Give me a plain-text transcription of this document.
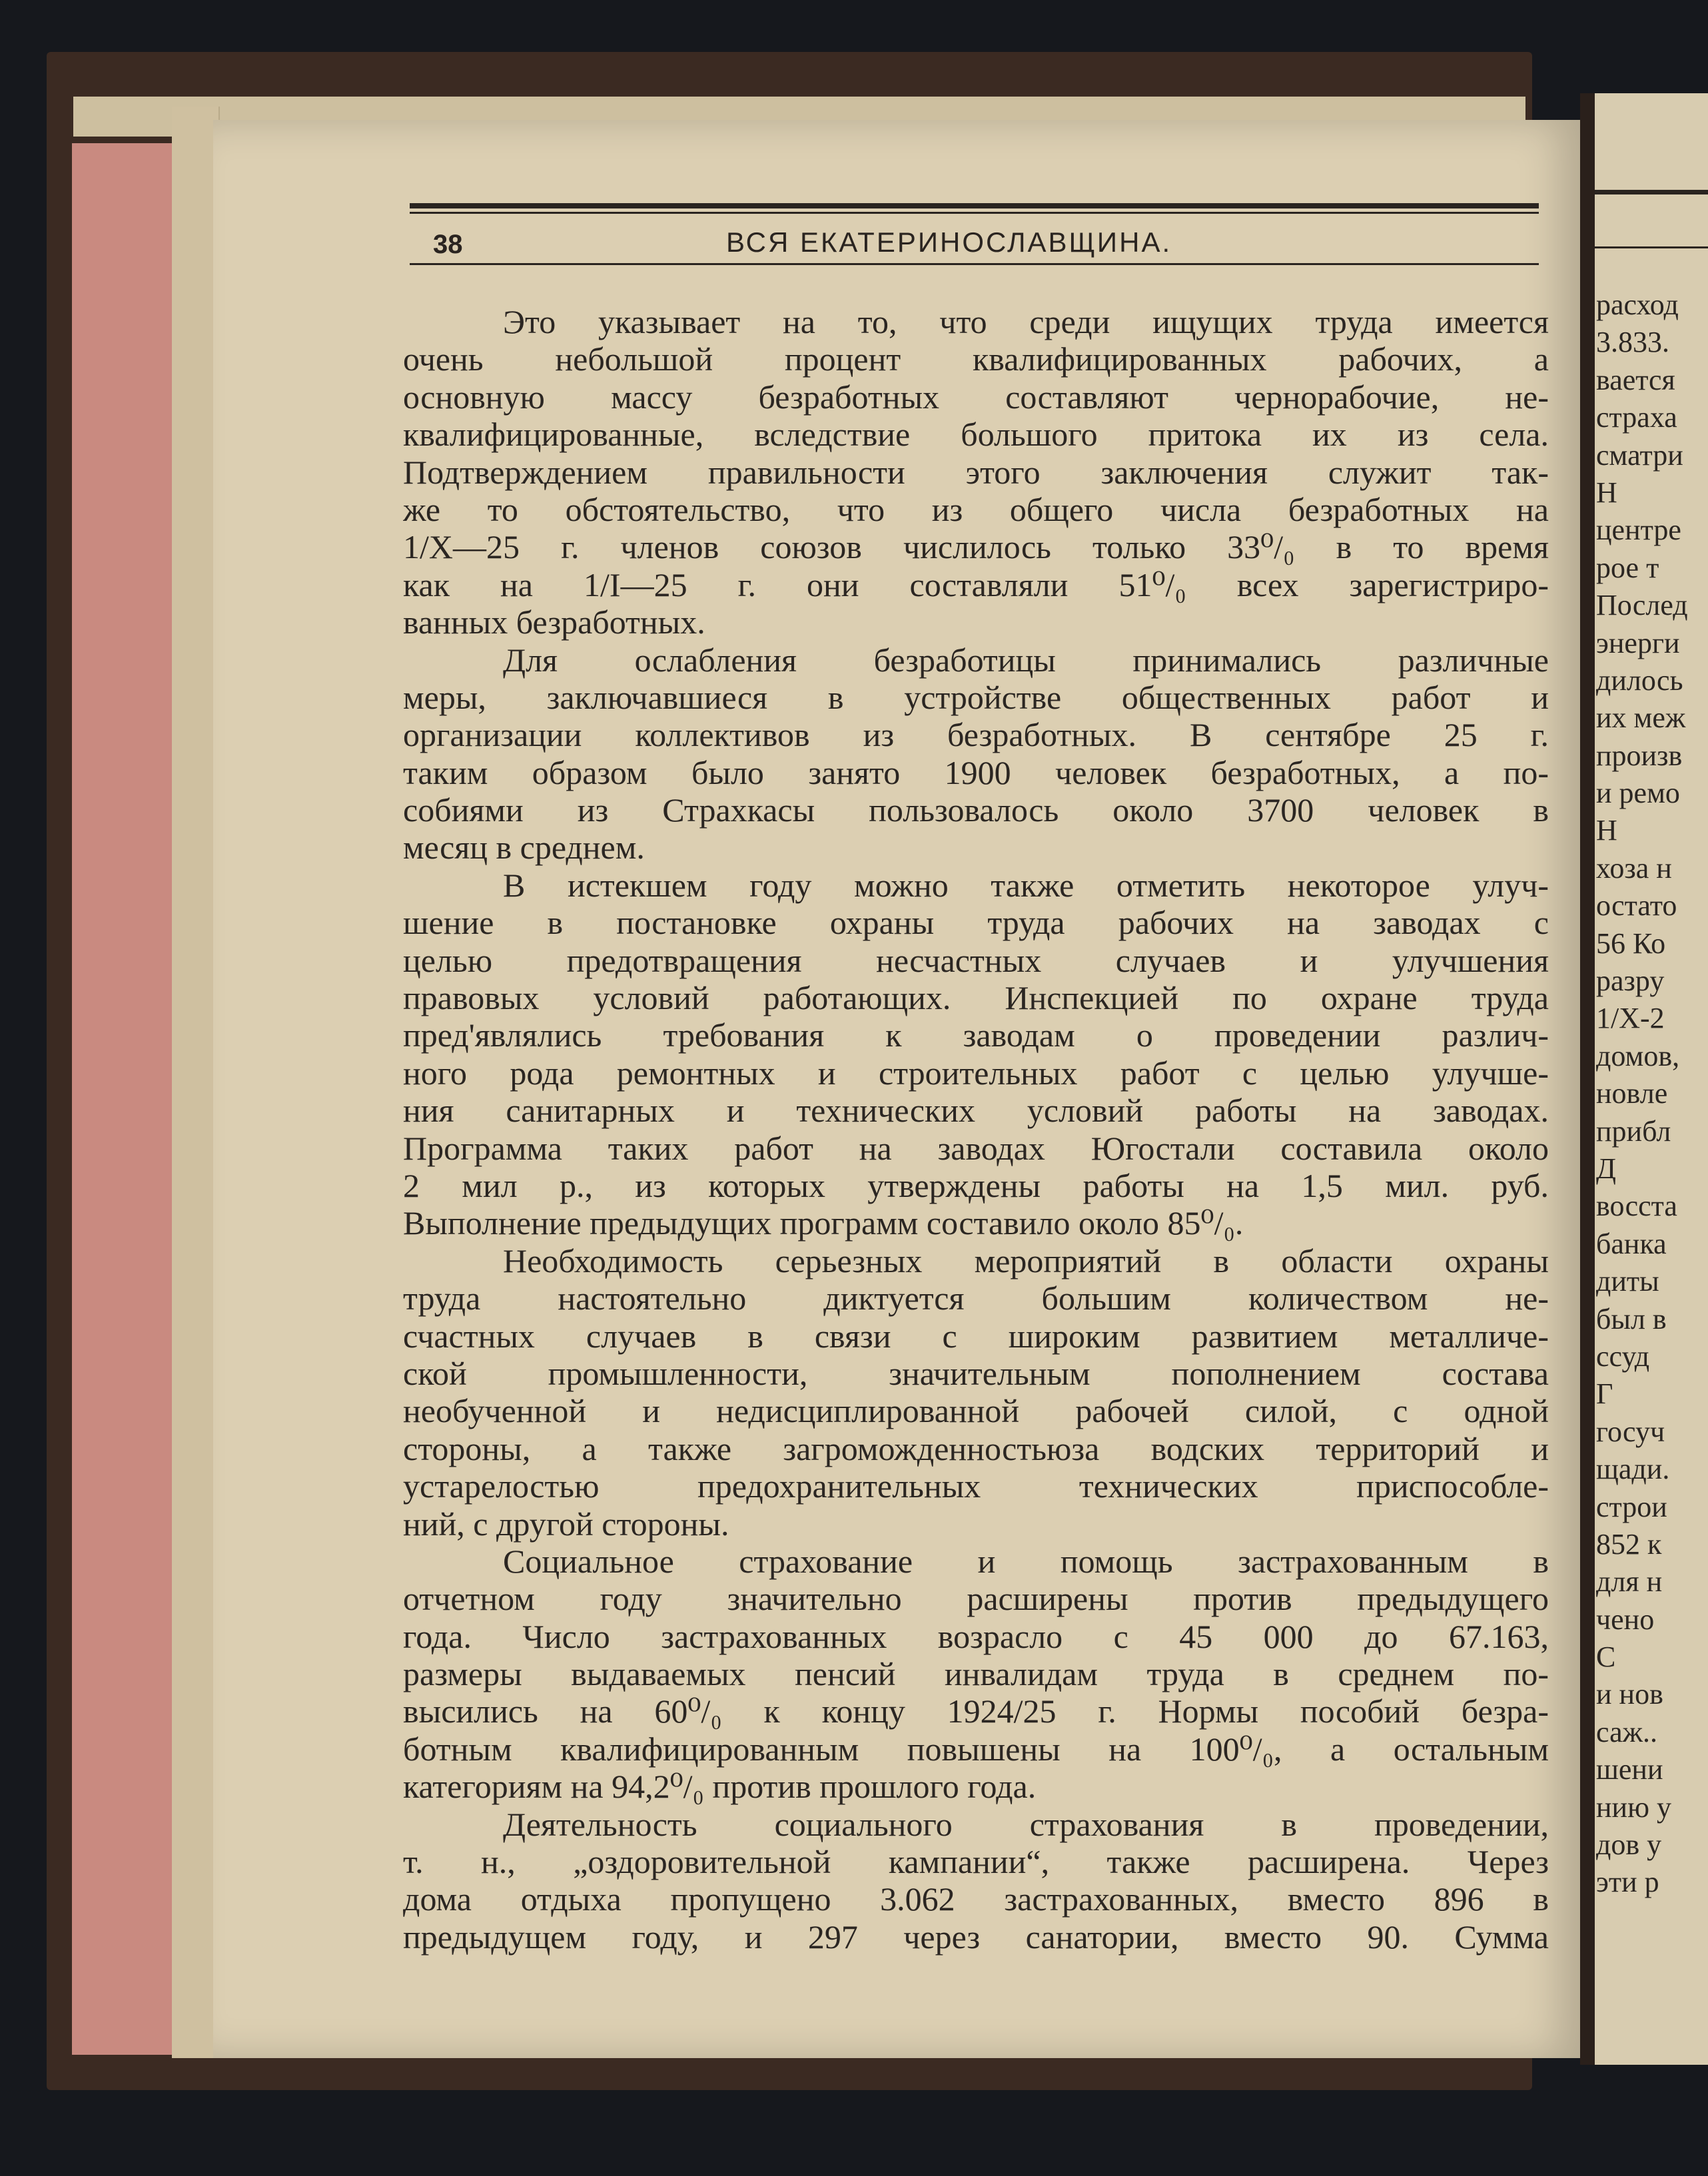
38	ВСЯ ЕКАТЕРИНОСЛАВЩИНА.
Это указывает на то, что среди ищущих труда имеется
очень небольшой процент квалифицированных рабочих, а
основную массу безработных составляют чернорабочие, не-
квалифицированные, вследствие большого притока их из села.
Подтверждением правильности этого заключения служит так-
же то обстоятельство, что из общего числа безработных на
1/X—25 г. членов союзов числилось только 33⁰/₀ в то время
как на 1/I—25 г. они составляли 51⁰/₀ всех зарегистриро-
ванных безработных.
Для ослабления безработицы принимались различные
меры, заключавшиеся в устройстве общественных работ и
организации коллективов из безработных. В сентябре 25 г.
таким образом было занято 1900 человек безработных, а по-
собиями из Страхкасы пользовалось около 3700 человек в
месяц в среднем.
В истекшем году можно также отметить некоторое улуч-
шение в постановке охраны труда рабочих на заводах с
целью предотвращения несчастных случаев и улучшения
правовых условий работающих. Инспекцией по охране труда
пред'являлись требования к заводам о проведении различ-
ного рода ремонтных и строительных работ с целью улучше-
ния санитарных и технических условий работы на заводах.
Программа таких работ на заводах Югостали составила около
2 мил р., из которых утверждены работы на 1,5 мил. руб.
Выполнение предыдущих программ составило около 85⁰/₀.
Необходимость серьезных мероприятий в области охраны
труда настоятельно диктуется большим количеством не-
счастных случаев в связи с широким развитием металличе-
ской промышленности, значительным пополнением состава
необученной и недисциплированной рабочей силой, с одной
стороны, а также загроможденностьюза водских территорий и
устарелостью предохранительных технических приспособле-
ний, с другой стороны.
Социальное страхование и помощь застрахованным в
отчетном году значительно расширены против предыдущего
года. Число застрахованных возрасло с 45 000 до 67.163,
размеры выдаваемых пенсий инвалидам труда в среднем по-
высились на 60⁰/₀ к концу 1924/25 г. Нормы пособий безра-
ботным квалифицированным повышены на 100⁰/₀, а остальным
категориям на 94,2⁰/₀ против прошлого года.
Деятельность социального страхования в проведении,
т. н., „оздоровительной кампании“, также расширена. Через
дома отдыха пропущено 3.062 застрахованных, вместо 896 в
предыдущем году, и 297 через санатории, вместо 90. Сумма
расход
3.833.
вается
страха
сматри
Н
центре
рое т
Послед
энерги
дилось
их меж
произв
и ремо
Н
хоза н
остато
56 Ко
разру
1/X-2
домов,
новле
прибл
Д
восста
банка
диты
был в
ссуд
Г
госуч
щади.
строи
852 к
для н
чено
С
и нов
саж..
шени
нию у
дов у
эти р
